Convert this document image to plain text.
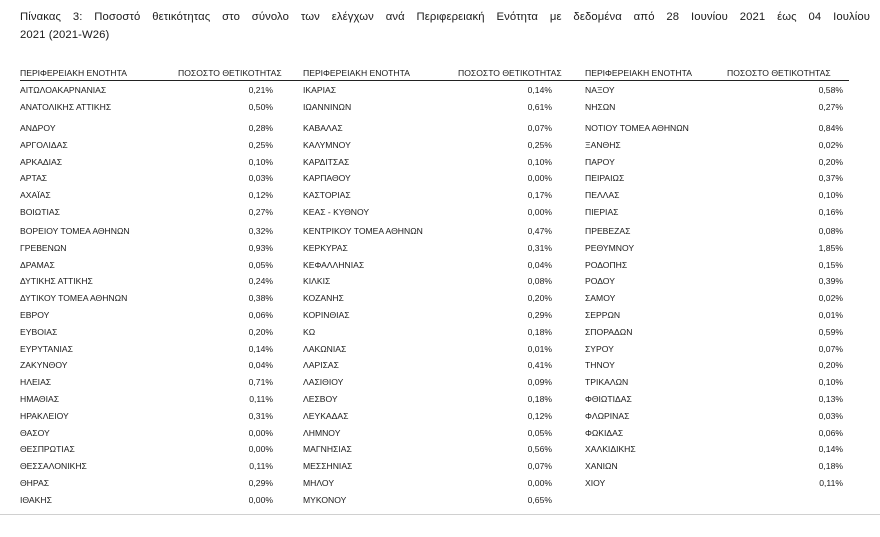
Πίνακας 3: Ποσοστό θετικότητας στο σύνολο των ελέγχων ανά Περιφερειακή Ενότητα με δεδομένα από 28 Ιουνίου 2021 έως 04 Ιουλίου
2021 (2021-W26)
ΠΕΡΙΦΕΡΕΙΑΚΗ ΕΝΟΤΗΤΑ	ΠΟΣΟΣΤΟ ΘΕΤΙΚΟΤΗΤΑΣ ΠΕΡΙΦΕΡΕΙΑΚΗ ΕΝΟΤΗΤΑ	ΠΟΣΟΣΤΟ ΘΕΤΙΚΟΤΗΤΑΣ	ΠΕΡΙΦΕΡΕΙΑΚΗ ΕΝΟΤΗΤΑ	ΠΟΣΟΣΤΟ ΘΕΤΙΚΟΤΗΤΑΣ
ΑΙΤΩΛΟΑΚΑΡΝΑΝΙΑΣ	0,21%	ΙΚΑΡΙΑΣ	0,14%	ΝΑΞΟΥ	0,58%
ΑΝΑΤΟΛΙΚΗΣ ΑΤΤΙΚΗΣ	0,50%	ΙΩΑΝΝΙΝΩΝ	0,61%	ΝΗΣΩΝ	0,27%
ΑΝΔΡΟΥ	0,28%	ΚΑΒΑΛΑΣ	0,07%	ΝΟΤΙΟΥ ΤΟΜΕΑ ΑΘΗΝΩΝ	0,84%
ΑΡΓΟΛΙΔΑΣ	0,25%	ΚΑΛΥΜΝΟΥ	0,25%	ΞΑΝΘΗΣ	0,02%
ΑΡΚΑΔΙΑΣ	0,10%	ΚΑΡΔΙΤΣΑΣ	0,10%	ΠΑΡΟΥ	0,20%
ΑΡΤΑΣ	0,03%	ΚΑΡΠΑΘΟΥ	0,00%	ΠΕΙΡΑΙΩΣ	0,37%
ΑΧΑΪΑΣ	0,12%	ΚΑΣΤΟΡΙΑΣ	0,17%	ΠΕΛΛΑΣ	0,10%
ΒΟΙΩΤΙΑΣ	0,27%	ΚΕΑΣ - ΚΥΘΝΟΥ	0,00%	ΠΙΕΡΙΑΣ	0,16%
ΒΟΡΕΙΟΥ ΤΟΜΕΑ ΑΘΗΝΩΝ	0,32%	ΚΕΝΤΡΙΚΟΥ ΤΟΜΕΑ ΑΘΗΝΩΝ	0,47%	ΠΡΕΒΕΖΑΣ	0,08%
ΓΡΕΒΕΝΩΝ	0,93%	ΚΕΡΚΥΡΑΣ	0,31%	ΡΕΘΥΜΝΟΥ	1,85%
ΔΡΑΜΑΣ	0,05%	ΚΕΦΑΛΛΗΝΙΑΣ	0,04%	ΡΟΔΟΠΗΣ	0,15%
ΔΥΤΙΚΗΣ ΑΤΤΙΚΗΣ	0,24%	ΚΙΛΚΙΣ	0,08%	ΡΟΔΟΥ	0,39%
ΔΥΤΙΚΟΥ ΤΟΜΕΑ ΑΘΗΝΩΝ	0,38%	ΚΟΖΑΝΗΣ	0,20%	ΣΑΜΟΥ	0,02%
ΕΒΡΟΥ	0,06%	ΚΟΡΙΝΘΙΑΣ	0,29%	ΣΕΡΡΩΝ	0,01%
ΕΥΒΟΙΑΣ	0,20%	ΚΩ	0,18%	ΣΠΟΡΑΔΩΝ	0,59%
ΕΥΡΥΤΑΝΙΑΣ	0,14%	ΛΑΚΩΝΙΑΣ	0,01%	ΣΥΡΟΥ	0,07%
ΖΑΚΥΝΘΟΥ	0,04%	ΛΑΡΙΣΑΣ	0,41%	ΤΗΝΟΥ	0,20%
ΗΛΕΙΑΣ	0,71%	ΛΑΣΙΘΙΟΥ	0,09%	ΤΡΙΚΑΛΩΝ	0,10%
ΗΜΑΘΙΑΣ	0,11%	ΛΕΣΒΟΥ	0,18%	ΦΘΙΩΤΙΔΑΣ	0,13%
ΗΡΑΚΛΕΙΟΥ	0,31%	ΛΕΥΚΑΔΑΣ	0,12%	ΦΛΩΡΙΝΑΣ	0,03%
ΘΑΣΟΥ	0,00%	ΛΗΜΝΟΥ	0,05%	ΦΩΚΙΔΑΣ	0,06%
ΘΕΣΠΡΩΤΙΑΣ	0,00%	ΜΑΓΝΗΣΙΑΣ	0,56%	ΧΑΛΚΙΔΙΚΗΣ	0,14%
ΘΕΣΣΑΛΟΝΙΚΗΣ	0,11%	ΜΕΣΣΗΝΙΑΣ	0,07%	ΧΑΝΙΩΝ	0,18%
ΘΗΡΑΣ	0,29%	ΜΗΛΟΥ	0,00%	ΧΙΟΥ	0,11%
ΙΘΑΚΗΣ	0,00%	ΜΥΚΟΝΟΥ	0,65%
